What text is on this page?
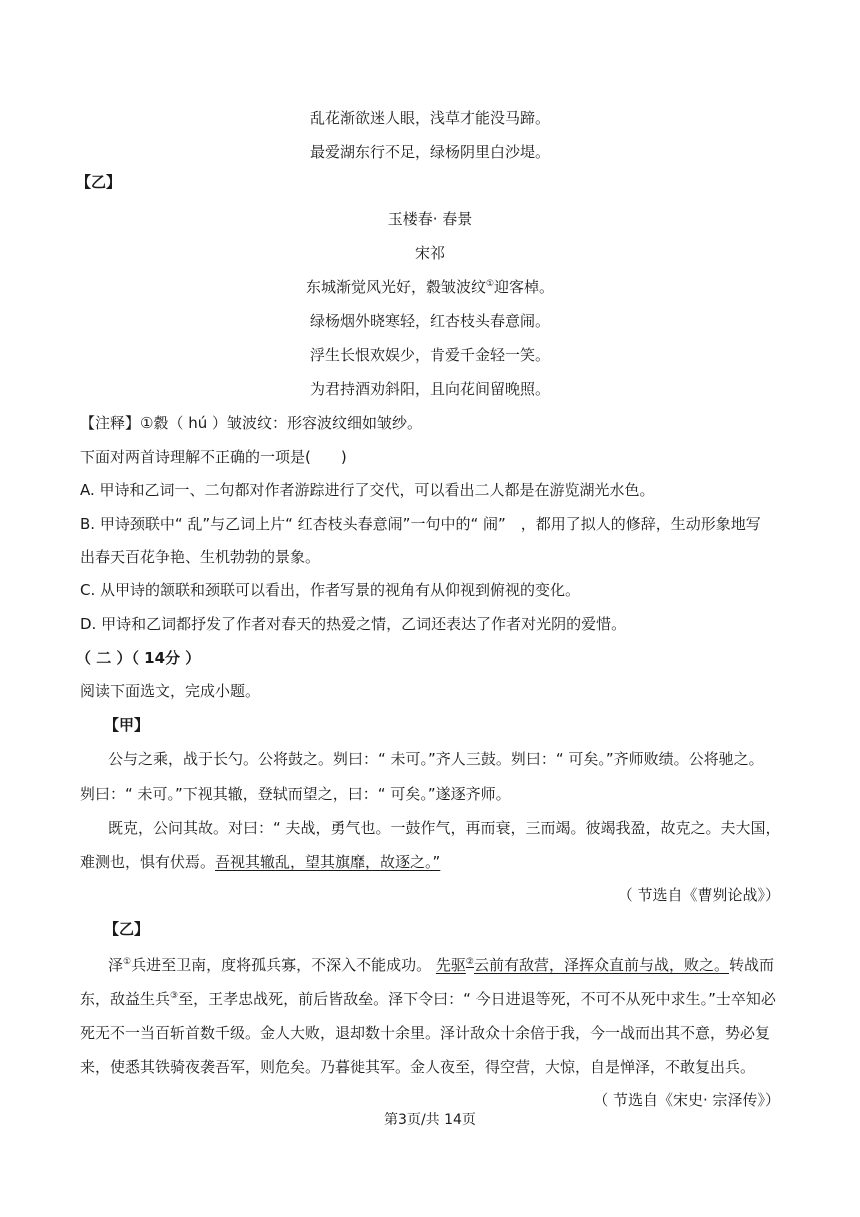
乱花渐欲迷人眼，浅草才能没马蹄。
最爱湖东行不足，绿杨阴里白沙堤。
【乙】
玉楼春· 春景
宋祁
东城渐觉风光好，縠皱波纹①迎客棹。
绿杨烟外晓寒轻，红杏枝头春意闹。
浮生长恨欢娱少，肯爱千金轻一笑。
为君持酒劝斜阳，且向花间留晚照。
【注释】①縠（ hú ）皱波纹：形容波纹细如皱纱。
下面对两首诗理解不正确的一项是(　　)
A. 甲诗和乙词一、二句都对作者游踪进行了交代，可以看出二人都是在游览湖光水色。
B. 甲诗颈联中“ 乱”与乙词上片“ 红杏枝头春意闹”一句中的“ 闹”　，都用了拟人的修辞，生动形象地写
出春天百花争艳、生机勃勃的景象。
C. 从甲诗的颔联和颈联可以看出，作者写景的视角有从仰视到俯视的变化。
D. 甲诗和乙词都抒发了作者对春天的热爱之情，乙词还表达了作者对光阴的爱惜。
（ 二 ）（ 14分 ）
阅读下面选文，完成小题。
【甲】
公与之乘，战于长勺。公将鼓之。刿曰：“ 未可。”齐人三鼓。刿曰：“ 可矣。”齐师败绩。公将驰之。
刿曰：“ 未可。”下视其辙，登轼而望之，曰：“ 可矣。”遂逐齐师。
既克，公问其故。对曰：“ 夫战，勇气也。一鼓作气，再而衰，三而竭。彼竭我盈，故克之。夫大国，
难测也，惧有伏焉。吾视其辙乱，望其旗靡，故逐之。”
（ 节选自《曹刿论战》）
【乙】
泽①兵进至卫南，度将孤兵寡，不深入不能成功。 先驱②云前有敌营，泽挥众直前与战，败之。转战而
东，敌益生兵③至，王孝忠战死，前后皆敌垒。泽下令曰：“ 今日进退等死，不可不从死中求生。”士卒知必
死无不一当百斩首数千级。金人大败，退却数十余里。泽计敌众十余倍于我，今一战而出其不意，势必复
来，使悉其铁骑夜袭吾军，则危矣。乃暮徙其军。金人夜至，得空营，大惊，自是惮泽，不敢复出兵。
（ 节选自《宋史· 宗泽传》）
第3页/共 14页
